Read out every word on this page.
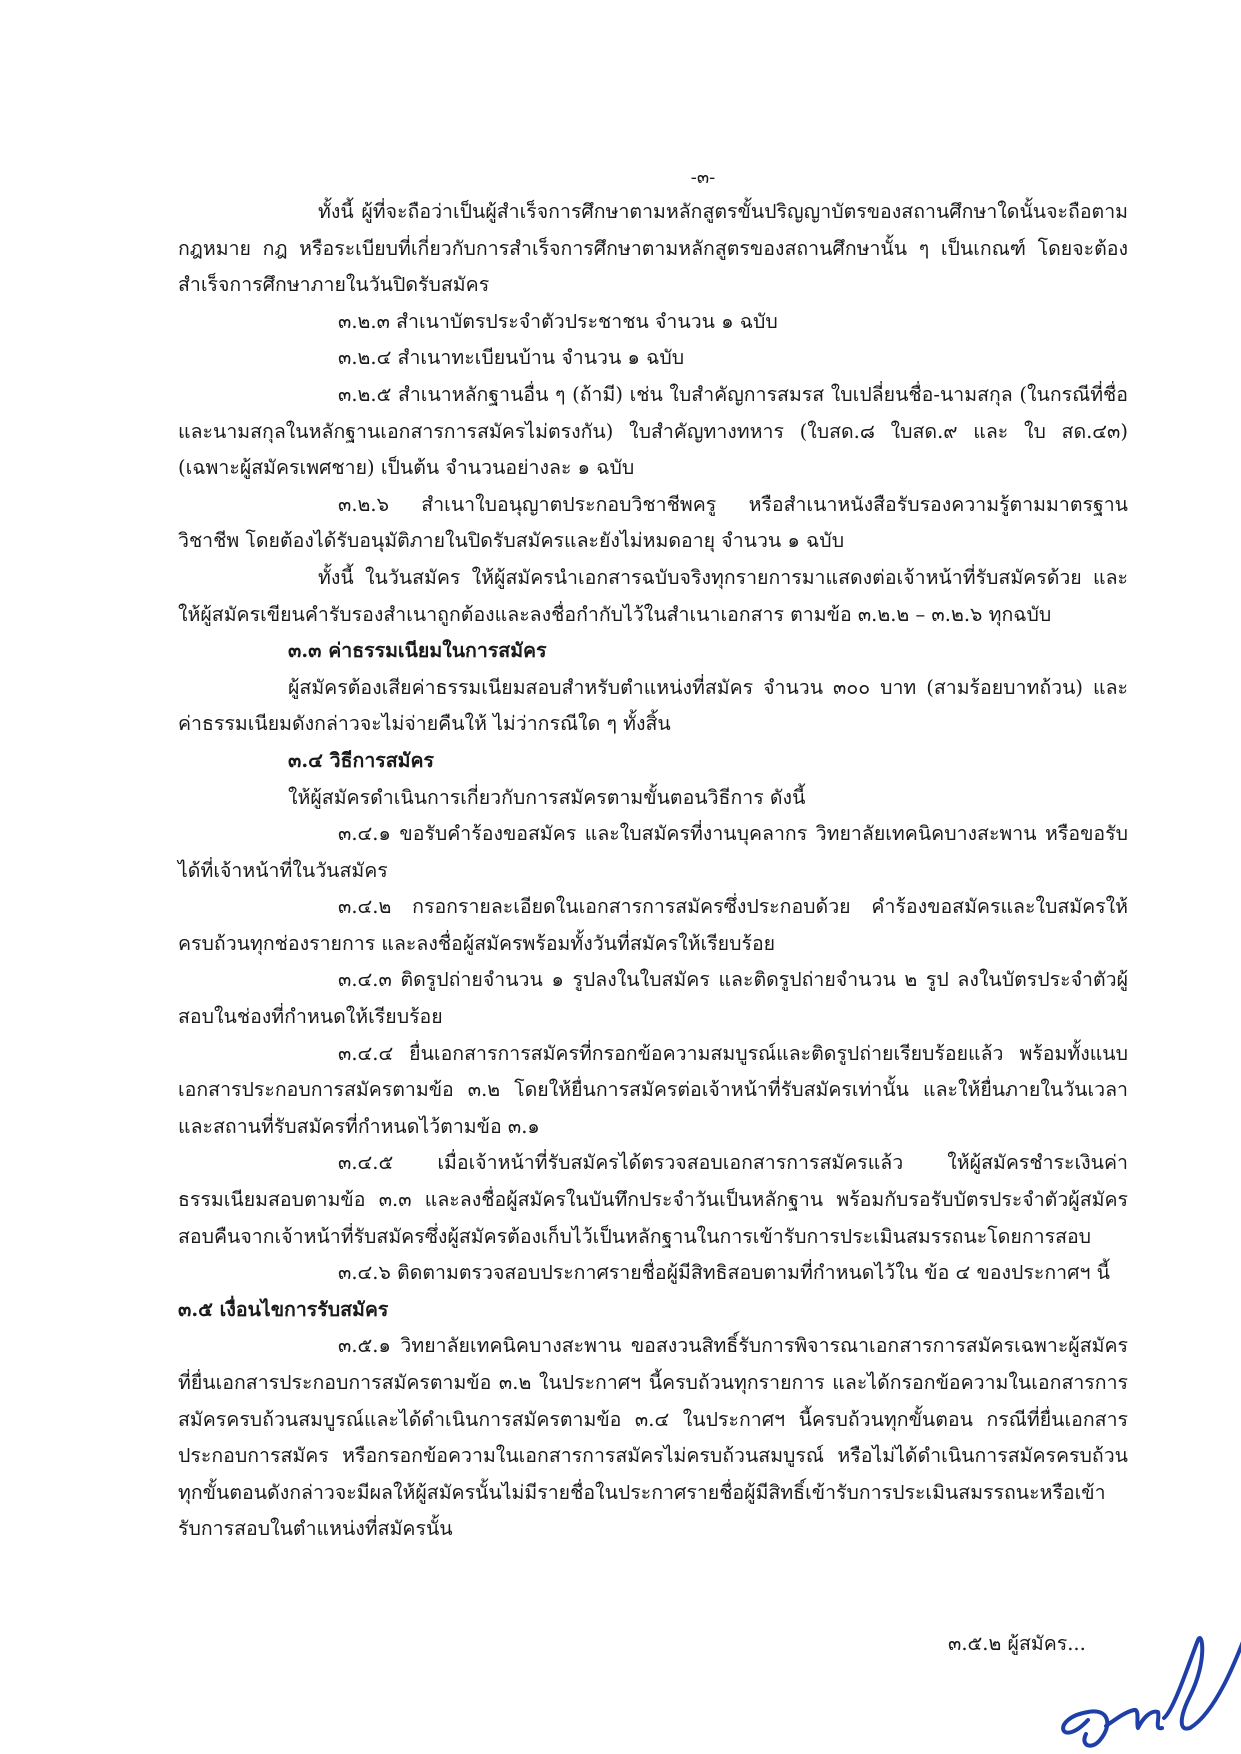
-๓-

ทั้งนี้ ผู้ที่จะถือว่าเป็นผู้สำเร็จการศึกษาตามหลักสูตรขั้นปริญญาบัตรของสถานศึกษาใดนั้นจะถือตามกฎหมาย กฎ หรือระเบียบที่เกี่ยวกับการสำเร็จการศึกษาตามหลักสูตรของสถานศึกษานั้น ๆ เป็นเกณฑ์ โดยจะต้องสำเร็จการศึกษาภายในวันปิดรับสมัคร

๓.๒.๓ สำเนาบัตรประจำตัวประชาชน จำนวน ๑ ฉบับ

๓.๒.๔ สำเนาทะเบียนบ้าน จำนวน ๑ ฉบับ

๓.๒.๕ สำเนาหลักฐานอื่น ๆ (ถ้ามี) เช่น ใบสำคัญการสมรส ใบเปลี่ยนชื่อ-นามสกุล (ในกรณีที่ชื่อและนามสกุลในหลักฐานเอกสารการสมัครไม่ตรงกัน) ใบสำคัญทางทหาร (ใบสด.๘ ใบสด.๙ และ ใบ สด.๔๓) (เฉพาะผู้สมัครเพศชาย) เป็นต้น จำนวนอย่างละ ๑ ฉบับ

๓.๒.๖ สำเนาใบอนุญาตประกอบวิชาชีพครู หรือสำเนาหนังสือรับรองความรู้ตามมาตรฐานวิชาชีพ โดยต้องได้รับอนุมัติภายในปิดรับสมัครและยังไม่หมดอายุ จำนวน ๑ ฉบับ

ทั้งนี้ ในวันสมัคร ให้ผู้สมัครนำเอกสารฉบับจริงทุกรายการมาแสดงต่อเจ้าหน้าที่รับสมัครด้วย และให้ผู้สมัครเขียนคำรับรองสำเนาถูกต้องและลงชื่อกำกับไว้ในสำเนาเอกสาร ตามข้อ ๓.๒.๒ – ๓.๒.๖ ทุกฉบับ

๓.๓ ค่าธรรมเนียมในการสมัคร

ผู้สมัครต้องเสียค่าธรรมเนียมสอบสำหรับตำแหน่งที่สมัคร จำนวน ๓๐๐ บาท (สามร้อยบาทถ้วน) และค่าธรรมเนียมดังกล่าวจะไม่จ่ายคืนให้ ไม่ว่ากรณีใด ๆ ทั้งสิ้น

๓.๔ วิธีการสมัคร

ให้ผู้สมัครดำเนินการเกี่ยวกับการสมัครตามขั้นตอนวิธีการ ดังนี้

๓.๔.๑ ขอรับคำร้องขอสมัคร และใบสมัครที่งานบุคลากร วิทยาลัยเทคนิคบางสะพาน หรือขอรับได้ที่เจ้าหน้าที่ในวันสมัคร

๓.๔.๒ กรอกรายละเอียดในเอกสารการสมัครซึ่งประกอบด้วย คำร้องขอสมัครและใบสมัครให้ครบถ้วนทุกช่องรายการ และลงชื่อผู้สมัครพร้อมทั้งวันที่สมัครให้เรียบร้อย

๓.๔.๓ ติดรูปถ่ายจำนวน ๑ รูปลงในใบสมัคร และติดรูปถ่ายจำนวน ๒ รูป ลงในบัตรประจำตัวผู้สอบในช่องที่กำหนดให้เรียบร้อย

๓.๔.๔ ยื่นเอกสารการสมัครที่กรอกข้อความสมบูรณ์และติดรูปถ่ายเรียบร้อยแล้ว พร้อมทั้งแนบเอกสารประกอบการสมัครตามข้อ ๓.๒ โดยให้ยื่นการสมัครต่อเจ้าหน้าที่รับสมัครเท่านั้น และให้ยื่นภายในวันเวลาและสถานที่รับสมัครที่กำหนดไว้ตามข้อ ๓.๑

๓.๔.๕ เมื่อเจ้าหน้าที่รับสมัครได้ตรวจสอบเอกสารการสมัครแล้ว ให้ผู้สมัครชำระเงินค่าธรรมเนียมสอบตามข้อ ๓.๓ และลงชื่อผู้สมัครในบันทึกประจำวันเป็นหลักฐาน พร้อมกับรอรับบัตรประจำตัวผู้สมัครสอบคืนจากเจ้าหน้าที่รับสมัครซึ่งผู้สมัครต้องเก็บไว้เป็นหลักฐานในการเข้ารับการประเมินสมรรถนะโดยการสอบ

๓.๔.๖ ติดตามตรวจสอบประกาศรายชื่อผู้มีสิทธิสอบตามที่กำหนดไว้ใน ข้อ ๔ ของประกาศฯ นี้

๓.๕ เงื่อนไขการรับสมัคร

๓.๕.๑ วิทยาลัยเทคนิคบางสะพาน ขอสงวนสิทธิ์รับการพิจารณาเอกสารการสมัครเฉพาะผู้สมัครที่ยื่นเอกสารประกอบการสมัครตามข้อ ๓.๒ ในประกาศฯ นี้ครบถ้วนทุกรายการ และได้กรอกข้อความในเอกสารการสมัครครบถ้วนสมบูรณ์และได้ดำเนินการสมัครตามข้อ ๓.๔ ในประกาศฯ นี้ครบถ้วนทุกขั้นตอน กรณีที่ยื่นเอกสารประกอบการสมัคร หรือกรอกข้อความในเอกสารการสมัครไม่ครบถ้วนสมบูรณ์ หรือไม่ได้ดำเนินการสมัครครบถ้วนทุกขั้นตอนดังกล่าวจะมีผลให้ผู้สมัครนั้นไม่มีรายชื่อในประกาศรายชื่อผู้มีสิทธิ์เข้ารับการประเมินสมรรถนะหรือเข้ารับการสอบในตำแหน่งที่สมัครนั้น

๓.๕.๒ ผู้สมัคร...
